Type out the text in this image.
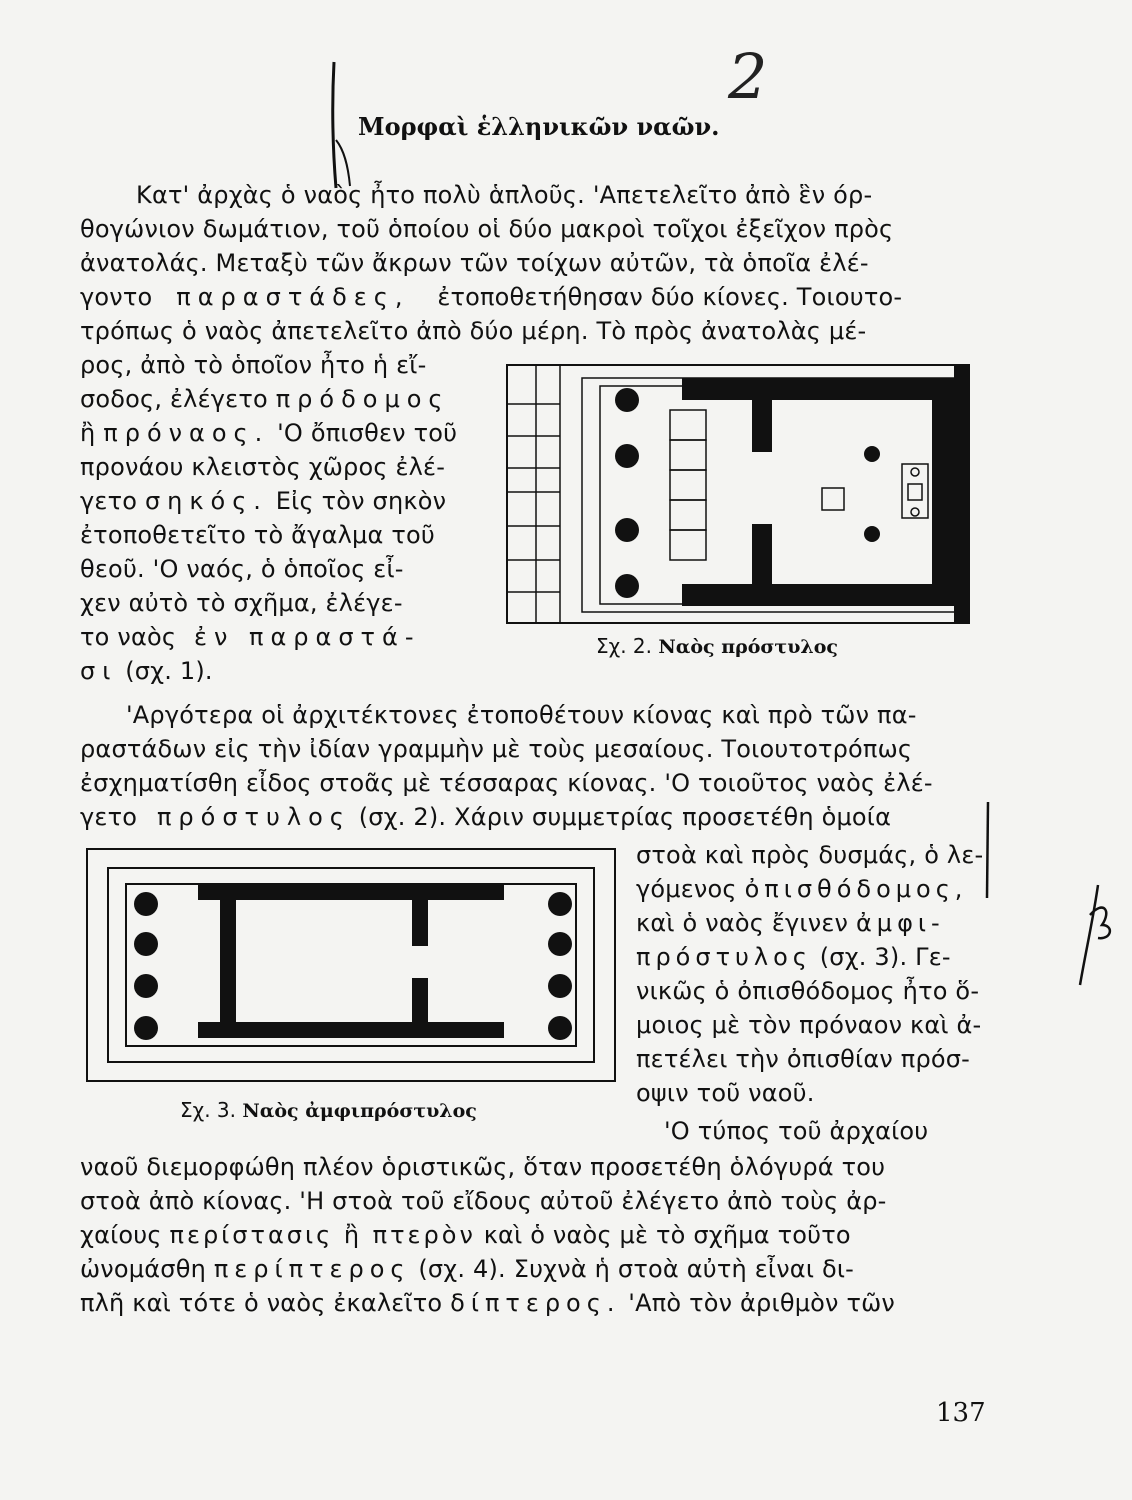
2
Μορφαὶ ἑλληνικῶν ναῶν.
Κατ' ἀρχὰς ὁ ναὸς ἦτο πολὺ ἁπλοῦς. 'Απετελεῖτο ἀπὸ ἓν όρ-
θογώνιον δωμάτιον, τοῦ ὁποίου οἱ δύο μακροὶ τοῖχοι ἐξεῖχον πρὸς
ἀνατολάς. Μεταξὺ τῶν ἄκρων τῶν τοίχων αὐτῶν, τὰ ὁποῖα ἐλέ-
γοντο παραστάδες, ἐτοποθετήθησαν δύο κίονες. Τοιουτο-
τρόπως ὁ ναὸς ἀπετελεῖτο ἀπὸ δύο μέρη. Τὸ πρὸς ἀνατολὰς μέ-
ρος, ἀπὸ τὸ ὁποῖον ἦτο ἡ εἴ-
σοδος, ἐλέγετο πρόδομος
ἢ πρόναος. 'Ο ὄπισθεν τοῦ
προνάου κλειστὸς χῶρος ἐλέ-
γετο σηκός. Εἰς τὸν σηκὸν
ἐτοποθετεῖτο τὸ ἄγαλμα τοῦ
θεοῦ. 'Ο ναός, ὁ ὁποῖος εἶ-
χεν αὐτὸ τὸ σχῆμα, ἐλέγε-
το ναὸς ἐν παραστά-
σι (σχ. 1).
Σχ. 2. Ναὸς πρόστυλος
'Αργότερα οἱ ἀρχιτέκτονες ἐτοποθέτουν κίονας καὶ πρὸ τῶν πα-
ραστάδων εἰς τὴν ἰδίαν γραμμὴν μὲ τοὺς μεσαίους. Τοιουτοτρόπως
ἐσχηματίσθη εἶδος στοᾶς μὲ τέσσαρας κίονας. 'Ο τοιοῦτος ναὸς ἐλέ-
γετο πρόστυλος (σχ. 2). Χάριν συμμετρίας προσετέθη ὁμοία
στοὰ καὶ πρὸς δυσμάς, ὁ λε-
γόμενος ὀπισθόδομος,
καὶ ὁ ναὸς ἔγινεν ἀμφι-
πρόστυλος (σχ. 3). Γε-
νικῶς ὁ ὀπισθόδομος ἦτο ὅ-
μοιος μὲ τὸν πρόναον καὶ ἀ-
πετέλει τὴν ὀπισθίαν πρόσ-
οψιν τοῦ ναοῦ.
Σχ. 3. Ναὸς ἀμφιπρόστυλος
'Ο τύπος τοῦ ἀρχαίου
ναοῦ διεμορφώθη πλέον ὁριστικῶς, ὅταν προσετέθη ὁλόγυρά του
στοὰ ἀπὸ κίονας. 'Η στοὰ τοῦ εἴδους αὐτοῦ ἐλέγετο ἀπὸ τοὺς ἀρ-
χαίους περίστασις ἢ πτερὸν καὶ ὁ ναὸς μὲ τὸ σχῆμα τοῦτο
ὠνομάσθη περίπτερος (σχ. 4). Συχνὰ ἡ στοὰ αὐτὴ εἶναι δι-
πλῆ καὶ τότε ὁ ναὸς ἐκαλεῖτο δίπτερος. 'Απὸ τὸν ἀριθμὸν τῶν
137
